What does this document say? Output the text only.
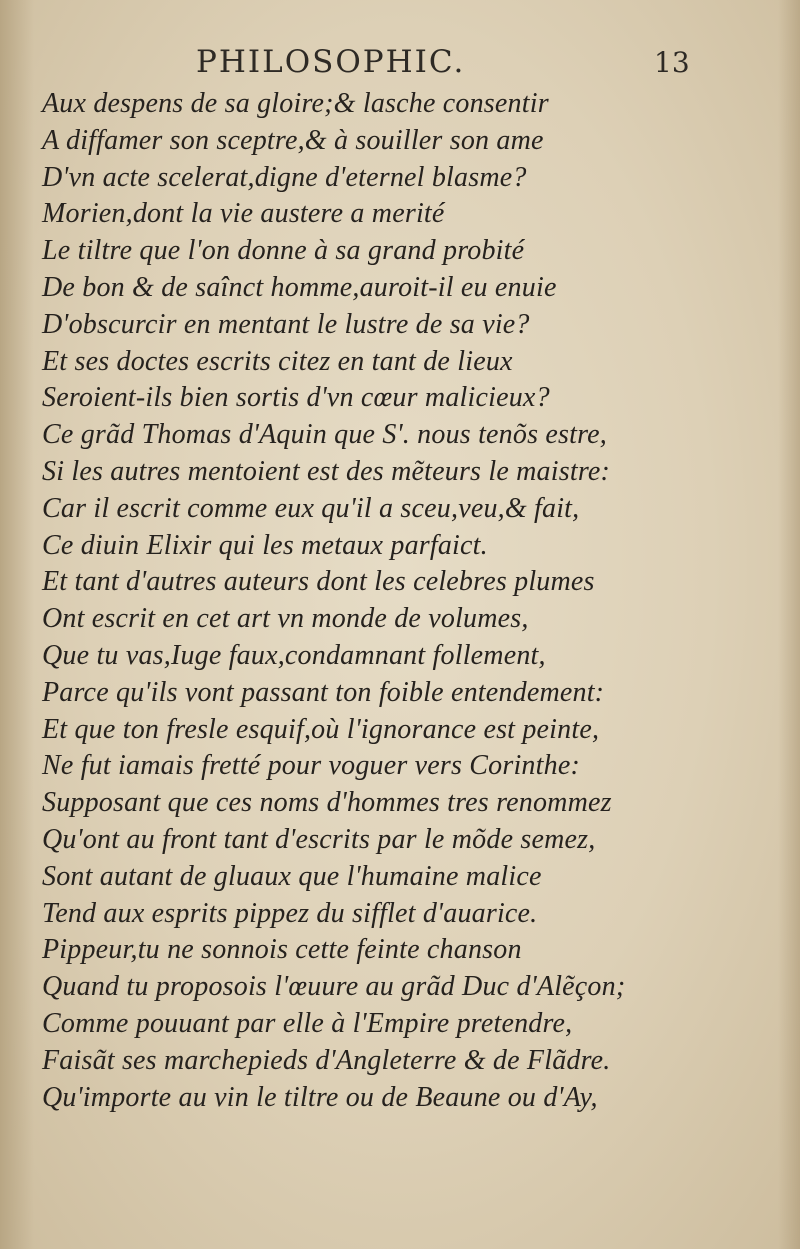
PHILOSOPHIC.	13
Aux despens de sa gloire;& lasche consentir
A diffamer son sceptre,& à souiller son ame
D'vn acte scelerat,digne d'eternel blasme?
Morien,dont la vie austere a merité
Le tiltre que l'on donne à sa grand probité
De bon & de saînct homme,auroit-il eu enuie
D'obscurcir en mentant le lustre de sa vie?
Et ses doctes escrits citez en tant de lieux
Seroient-ils bien sortis d'vn cœur malicieux?
Ce grãd Thomas d'Aquin que S'. nous tenõs estre,
Si les autres mentoient est des mẽteurs le maistre:
Car il escrit comme eux qu'il a sceu,veu,& fait,
Ce diuin Elixir qui les metaux parfaict.
Et tant d'autres auteurs dont les celebres plumes
Ont escrit en cet art vn monde de volumes,
Que tu vas,Iuge faux,condamnant follement,
Parce qu'ils vont passant ton foible entendement:
Et que ton fresle esquif,où l'ignorance est peinte,
Ne fut iamais fretté pour voguer vers Corinthe:
Supposant que ces noms d'hommes tres renommez
Qu'ont au front tant d'escrits par le mõde semez,
Sont autant de gluaux que l'humaine malice
Tend aux esprits pippez du sifflet d'auarice.
Pippeur,tu ne sonnois cette feinte chanson
Quand tu proposois l'œuure au grãd Duc d'Alẽçon;
Comme pouuant par elle à l'Empire pretendre,
Faisãt ses marchepieds d'Angleterre & de Flãdre.
Qu'importe au vin le tiltre ou de Beaune ou d'Ay,
